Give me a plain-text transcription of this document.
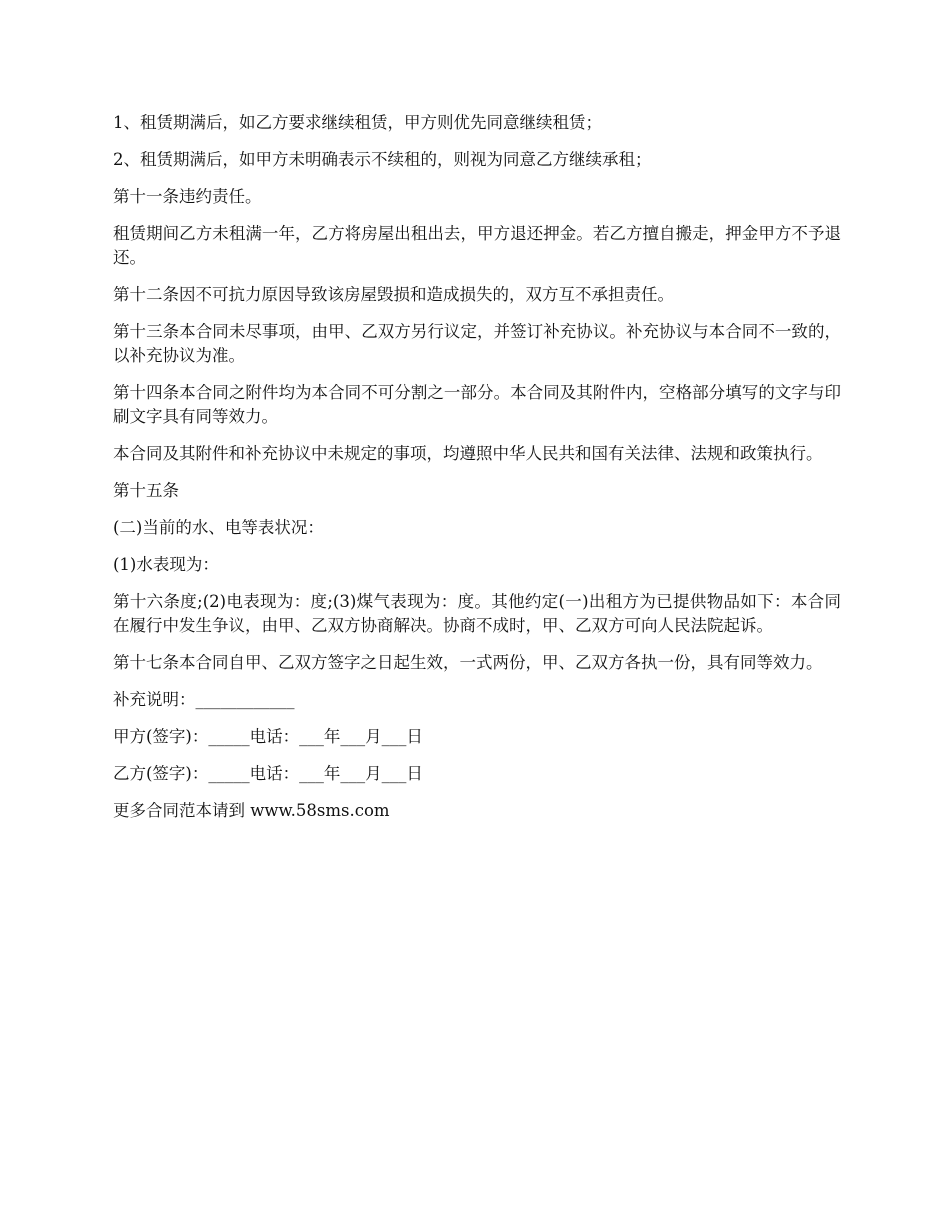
1、租赁期满后，如乙方要求继续租赁，甲方则优先同意继续租赁；

2、租赁期满后，如甲方未明确表示不续租的，则视为同意乙方继续承租；

第十一条违约责任。

租赁期间乙方未租满一年，乙方将房屋出租出去，甲方退还押金。若乙方擅自搬走，押金甲方不予退还。

第十二条因不可抗力原因导致该房屋毁损和造成损失的，双方互不承担责任。

第十三条本合同未尽事项，由甲、乙双方另行议定，并签订补充协议。补充协议与本合同不一致的，以补充协议为准。

第十四条本合同之附件均为本合同不可分割之一部分。本合同及其附件内，空格部分填写的文字与印刷文字具有同等效力。

本合同及其附件和补充协议中未规定的事项，均遵照中华人民共和国有关法律、法规和政策执行。

第十五条

(二)当前的水、电等表状况：

(1)水表现为：

第十六条度;(2)电表现为：度;(3)煤气表现为：度。其他约定(一)出租方为已提供物品如下：本合同在履行中发生争议，由甲、乙双方协商解决。协商不成时，甲、乙双方可向人民法院起诉。

第十七条本合同自甲、乙双方签字之日起生效，一式两份，甲、乙双方各执一份，具有同等效力。

补充说明：____________

甲方(签字)：_____电话：___年___月___日

乙方(签字)：_____电话：___年___月___日

更多合同范本请到 www.58sms.com
